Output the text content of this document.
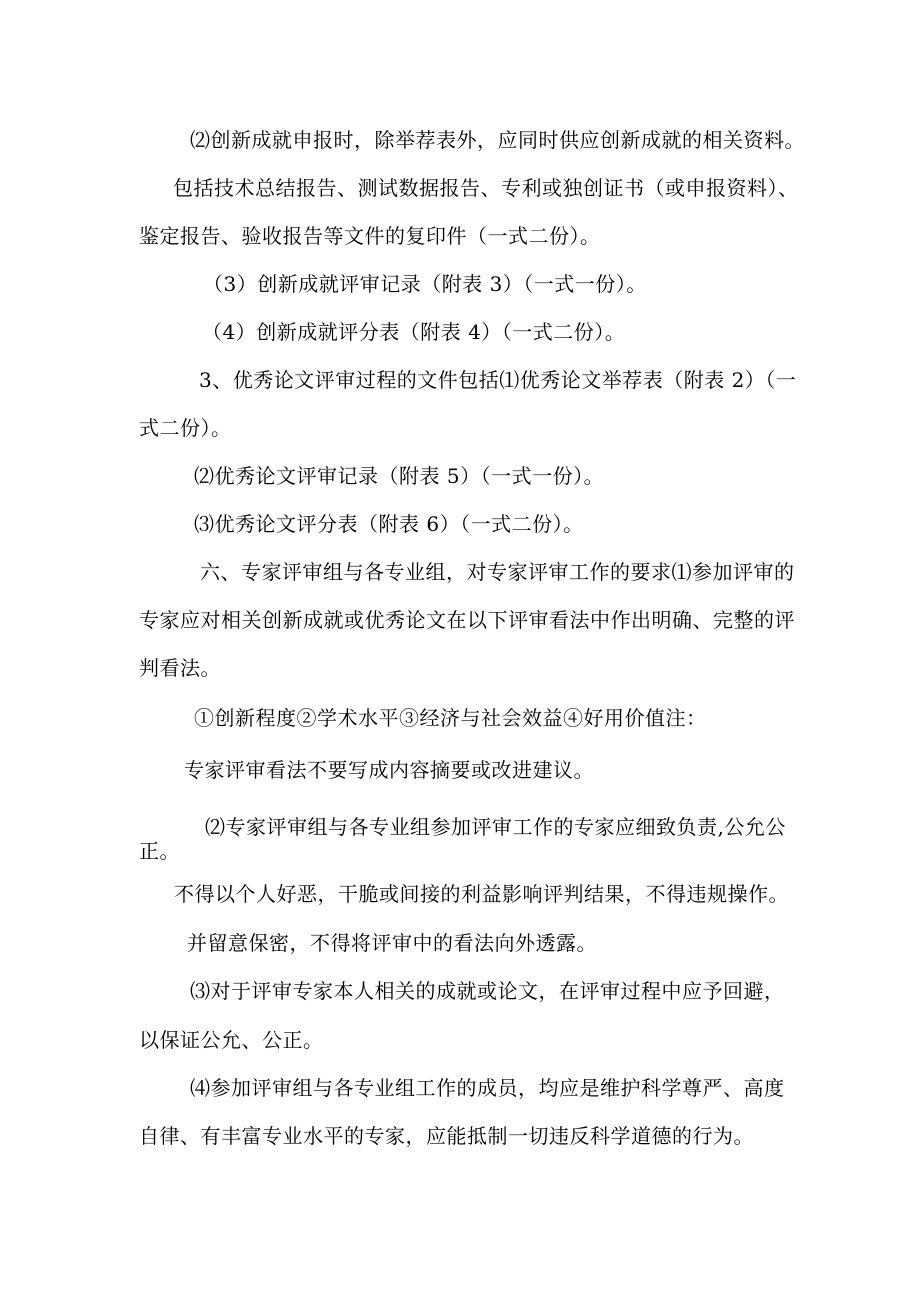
⑵创新成就申报时，除举荐表外，应同时供应创新成就的相关资料。
包括技术总结报告、测试数据报告、专利或独创证书（或申报资料）、
鉴定报告、验收报告等文件的复印件（一式二份）。
（3）创新成就评审记录（附表 3）（一式一份）。
（4）创新成就评分表（附表 4）（一式二份）。
3、优秀论文评审过程的文件包括⑴优秀论文举荐表（附表 2）（一
式二份）。
⑵优秀论文评审记录（附表 5）（一式一份）。
⑶优秀论文评分表（附表 6）（一式二份）。
六、专家评审组与各专业组，对专家评审工作的要求⑴参加评审的
专家应对相关创新成就或优秀论文在以下评审看法中作出明确、完整的评
判看法。
①创新程度②学术水平③经济与社会效益④好用价值注：
专家评审看法不要写成内容摘要或改进建议。
⑵专家评审组与各专业组参加评审工作的专家应细致负责,公允公
正。
不得以个人好恶，干脆或间接的利益影响评判结果，不得违规操作。
并留意保密，不得将评审中的看法向外透露。
⑶对于评审专家本人相关的成就或论文，在评审过程中应予回避，
以保证公允、公正。
⑷参加评审组与各专业组工作的成员，均应是维护科学尊严、高度
自律、有丰富专业水平的专家，应能抵制一切违反科学道德的行为。
